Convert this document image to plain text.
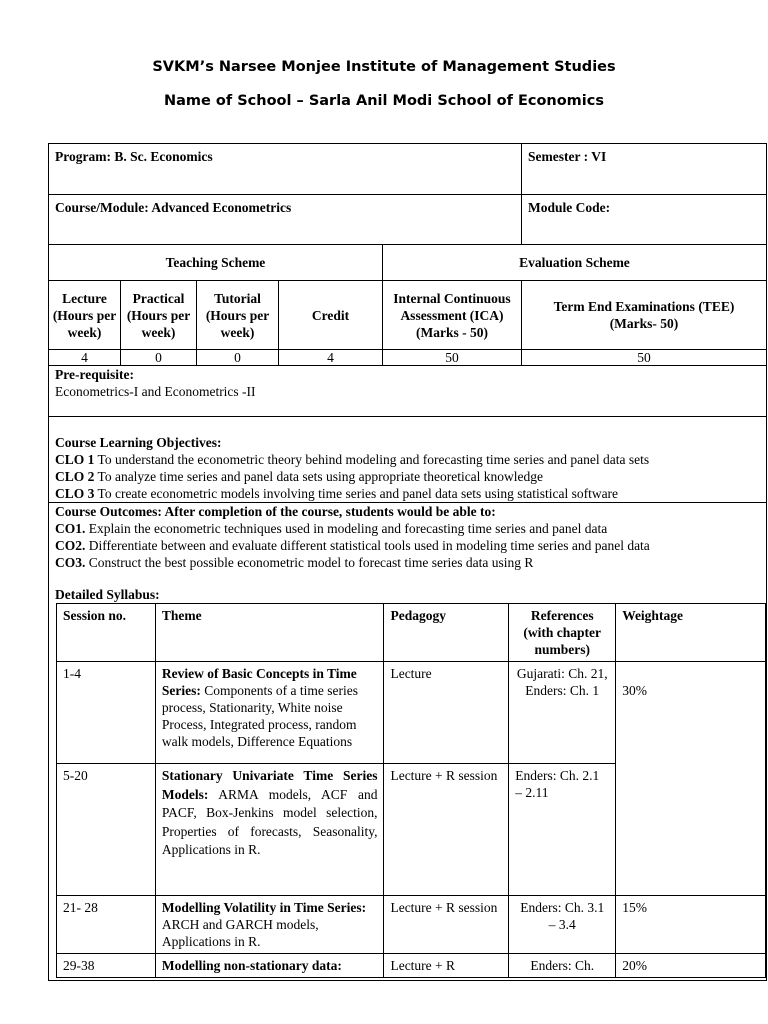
SVKM’s Narsee Monjee Institute of Management Studies
Name of School – Sarla Anil Modi School of Economics
Program: B. Sc. Economics	Semester : VI
Course/Module: Advanced Econometrics	Module Code:
Teaching Scheme	Evaluation Scheme
Lecture (Hours per week)	Practical (Hours per week)	Tutorial (Hours per week)	Credit	Internal Continuous Assessment (ICA) (Marks - 50)	Term End Examinations (TEE) (Marks- 50)
4	0	0	4	50	50

Pre-requisite:
Econometrics-I and Econometrics -II

Course Learning Objectives:
CLO 1 To understand the econometric theory behind modeling and forecasting time series and panel data sets
CLO 2 To analyze time series and panel data sets using appropriate theoretical knowledge
CLO 3 To create econometric models involving time series and panel data sets using statistical software

Course Outcomes: After completion of the course, students would be able to:
CO1. Explain the econometric techniques used in modeling and forecasting time series and panel data
CO2. Differentiate between and evaluate different statistical tools used in modeling time series and panel data
CO3. Construct the best possible econometric model to forecast time series data using R
Detailed Syllabus:
Session no.	Theme	Pedagogy	References (with chapter numbers)	Weightage
1-4	Review of Basic Concepts in Time Series: Components of a time series process, Stationarity, White noise Process, Integrated process, random walk models, Difference Equations	Lecture	Gujarati: Ch. 21, Enders: Ch. 1	30%
5-20	Stationary Univariate Time Series Models: ARMA models, ACF and PACF, Box-Jenkins model selection, Properties of forecasts, Seasonality, Applications in R.	Lecture + R session	Enders: Ch. 2.1 – 2.11
21- 28	Modelling Volatility in Time Series: ARCH and GARCH models, Applications in R.	Lecture + R session	Enders: Ch. 3.1 – 3.4	15%
29-38	Modelling non-stationary data:	Lecture + R	Enders: Ch.	20%
